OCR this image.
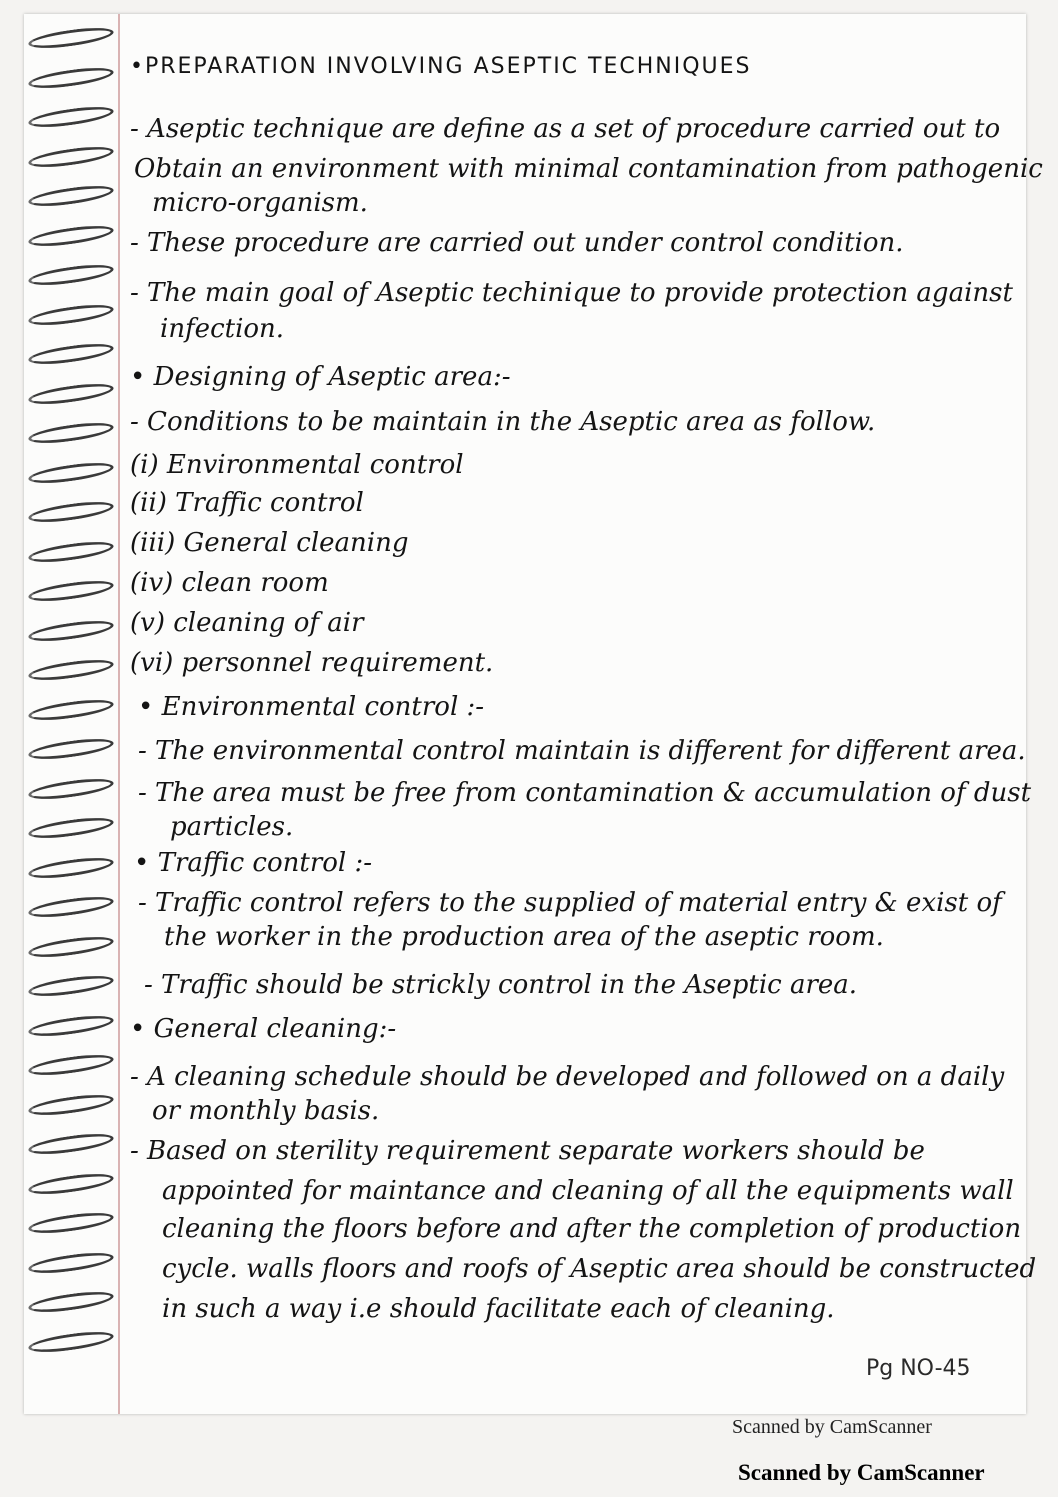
•PREPARATION INVOLVING ASEPTIC TECHNIQUES
- Aseptic technique are define as a set of procedure carried out to
Obtain an environment with minimal contamination from pathogenic
micro-organism.
- These procedure are carried out under control condition.
- The main goal of Aseptic techinique to provide protection against
infection.
• Designing of Aseptic area:-
- Conditions to be maintain in the Aseptic area as follow.
(i) Environmental control
(ii) Traffic control
(iii) General cleaning
(iv) clean room
(v) cleaning of air
(vi) personnel requirement.
• Environmental control :-
- The environmental control maintain is different for different area.
- The area must be free from contamination & accumulation of dust
particles.
• Traffic control :-
- Traffic control refers to the supplied of material entry & exist of
the worker in the production area of the aseptic room.
- Traffic should be strickly control in the Aseptic area.
• General cleaning:-
- A cleaning schedule should be developed and followed on a daily
or monthly basis.
- Based on sterility requirement separate workers should be
appointed for maintance and cleaning of all the equipments wall
cleaning the floors before and after the completion of production
cycle. walls floors and roofs of Aseptic area should be constructed
in such a way i.e should facilitate each of cleaning.
Pg NO-45
Scanned by CamScanner
Scanned by CamScanner
